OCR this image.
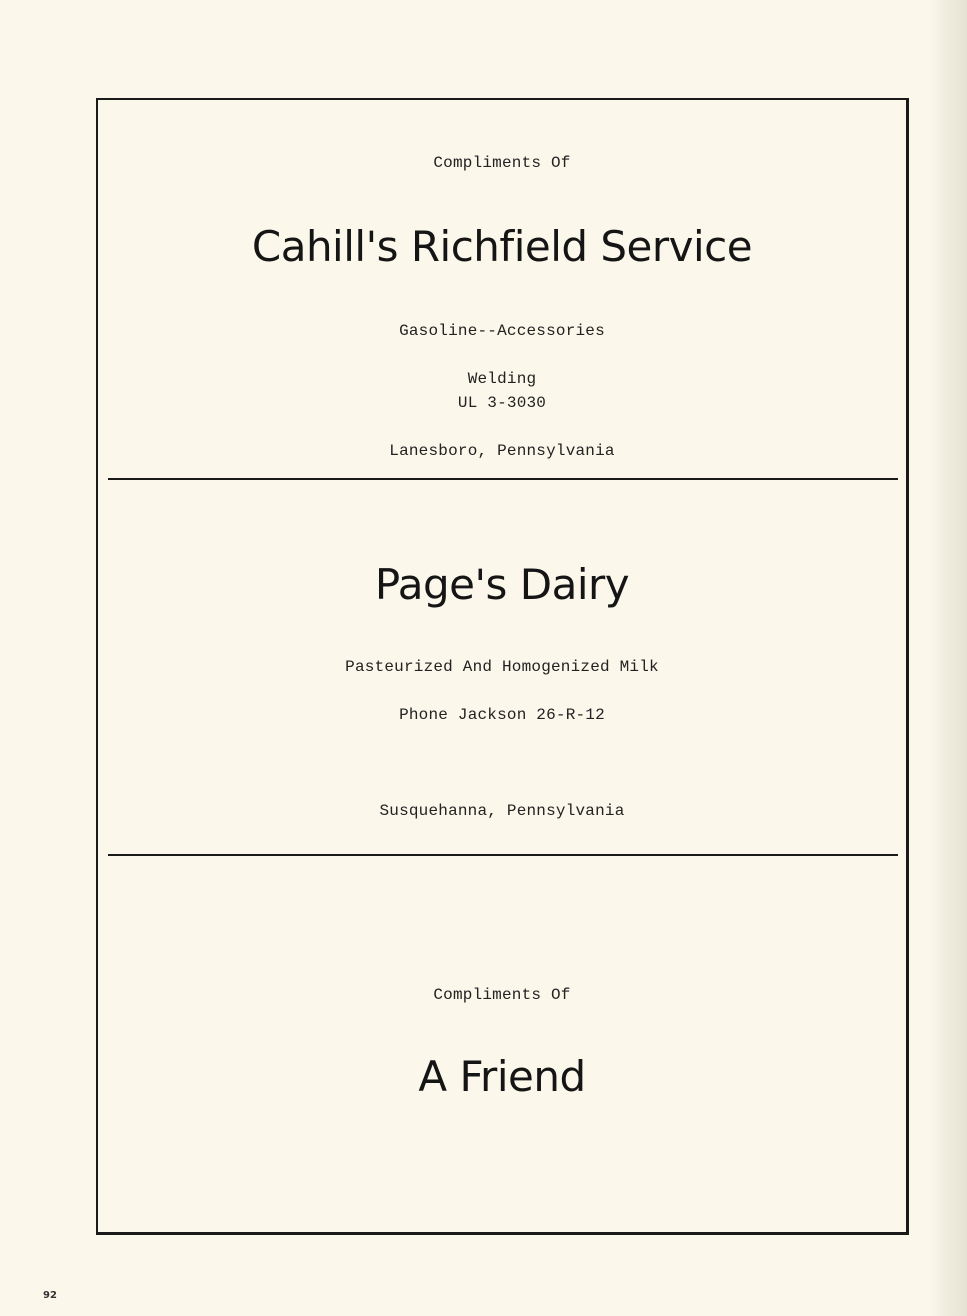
Compliments Of
Cahill's Richfield Service
Gasoline--Accessories
Welding
UL 3-3030
Lanesboro, Pennsylvania
Page's Dairy
Pasteurized And Homogenized Milk
Phone Jackson 26-R-12
Susquehanna, Pennsylvania
Compliments Of
A Friend
92
